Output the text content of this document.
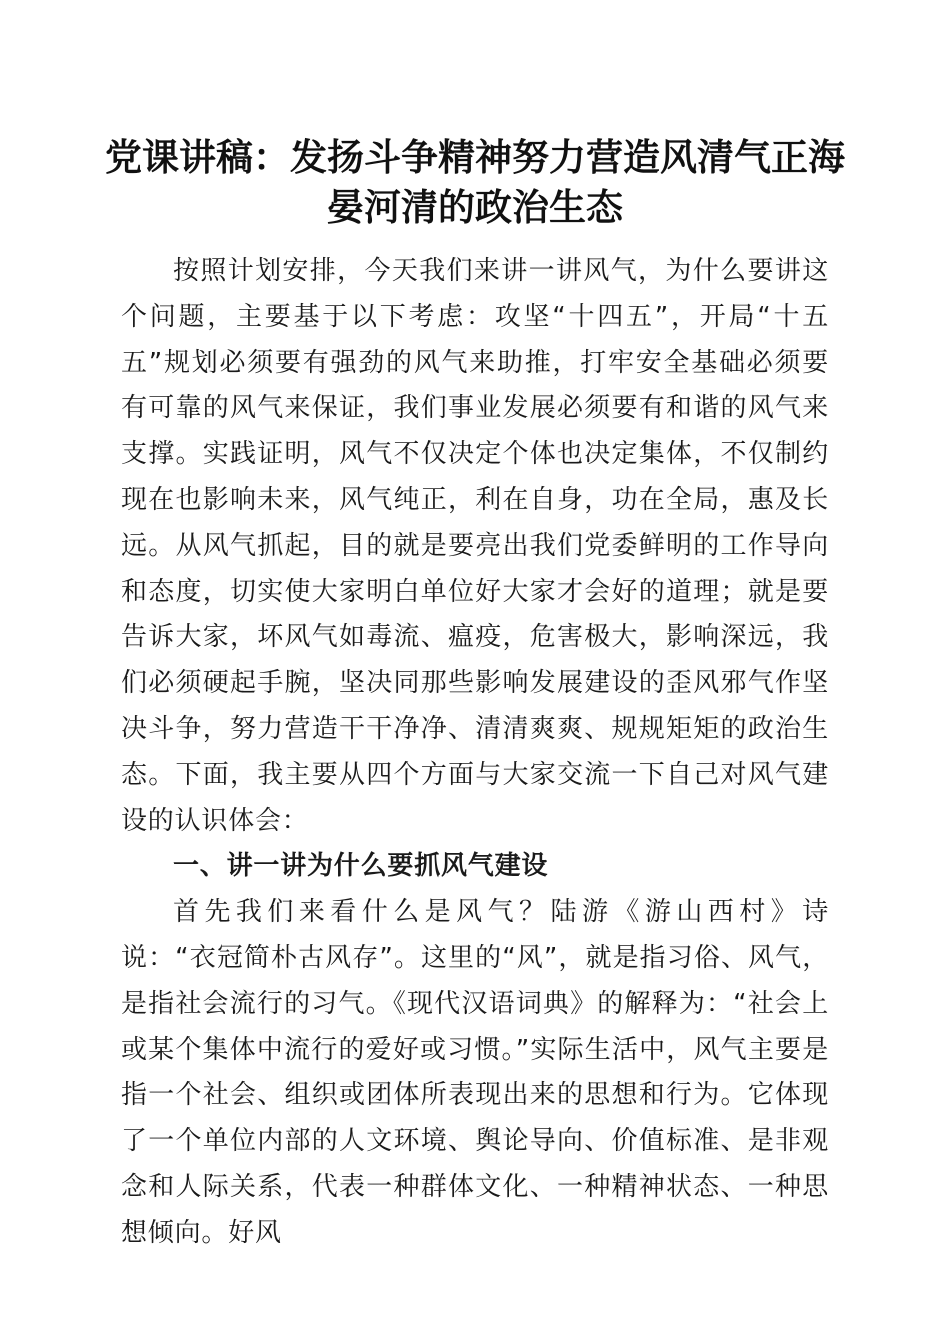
党课讲稿：发扬斗争精神努力营造风清气正海
晏河清的政治生态

按照计划安排，今天我们来讲一讲风气，为什么要讲这个问题，主要基于以下考虑：攻坚“十四五”，开局“十五五”规划必须要有强劲的风气来助推，打牢安全基础必须要有可靠的风气来保证，我们事业发展必须要有和谐的风气来支撑。实践证明，风气不仅决定个体也决定集体，不仅制约现在也影响未来，风气纯正，利在自身，功在全局，惠及长远。从风气抓起，目的就是要亮出我们党委鲜明的工作导向和态度，切实使大家明白单位好大家才会好的道理；就是要告诉大家，坏风气如毒流、瘟疫，危害极大，影响深远，我们必须硬起手腕，坚决同那些影响发展建设的歪风邪气作坚决斗争，努力营造干干净净、清清爽爽、规规矩矩的政治生态。下面，我主要从四个方面与大家交流一下自己对风气建设的认识体会：

一、讲一讲为什么要抓风气建设

首先我们来看什么是风气？陆游《游山西村》诗说：“衣冠简朴古风存”。这里的“风”，就是指习俗、风气，是指社会流行的习气。《现代汉语词典》的解释为：“社会上或某个集体中流行的爱好或习惯。”实际生活中，风气主要是指一个社会、组织或团体所表现出来的思想和行为。它体现了一个单位内部的人文环境、舆论导向、价值标准、是非观念和人际关系，代表一种群体文化、一种精神状态、一种思想倾向。好风
